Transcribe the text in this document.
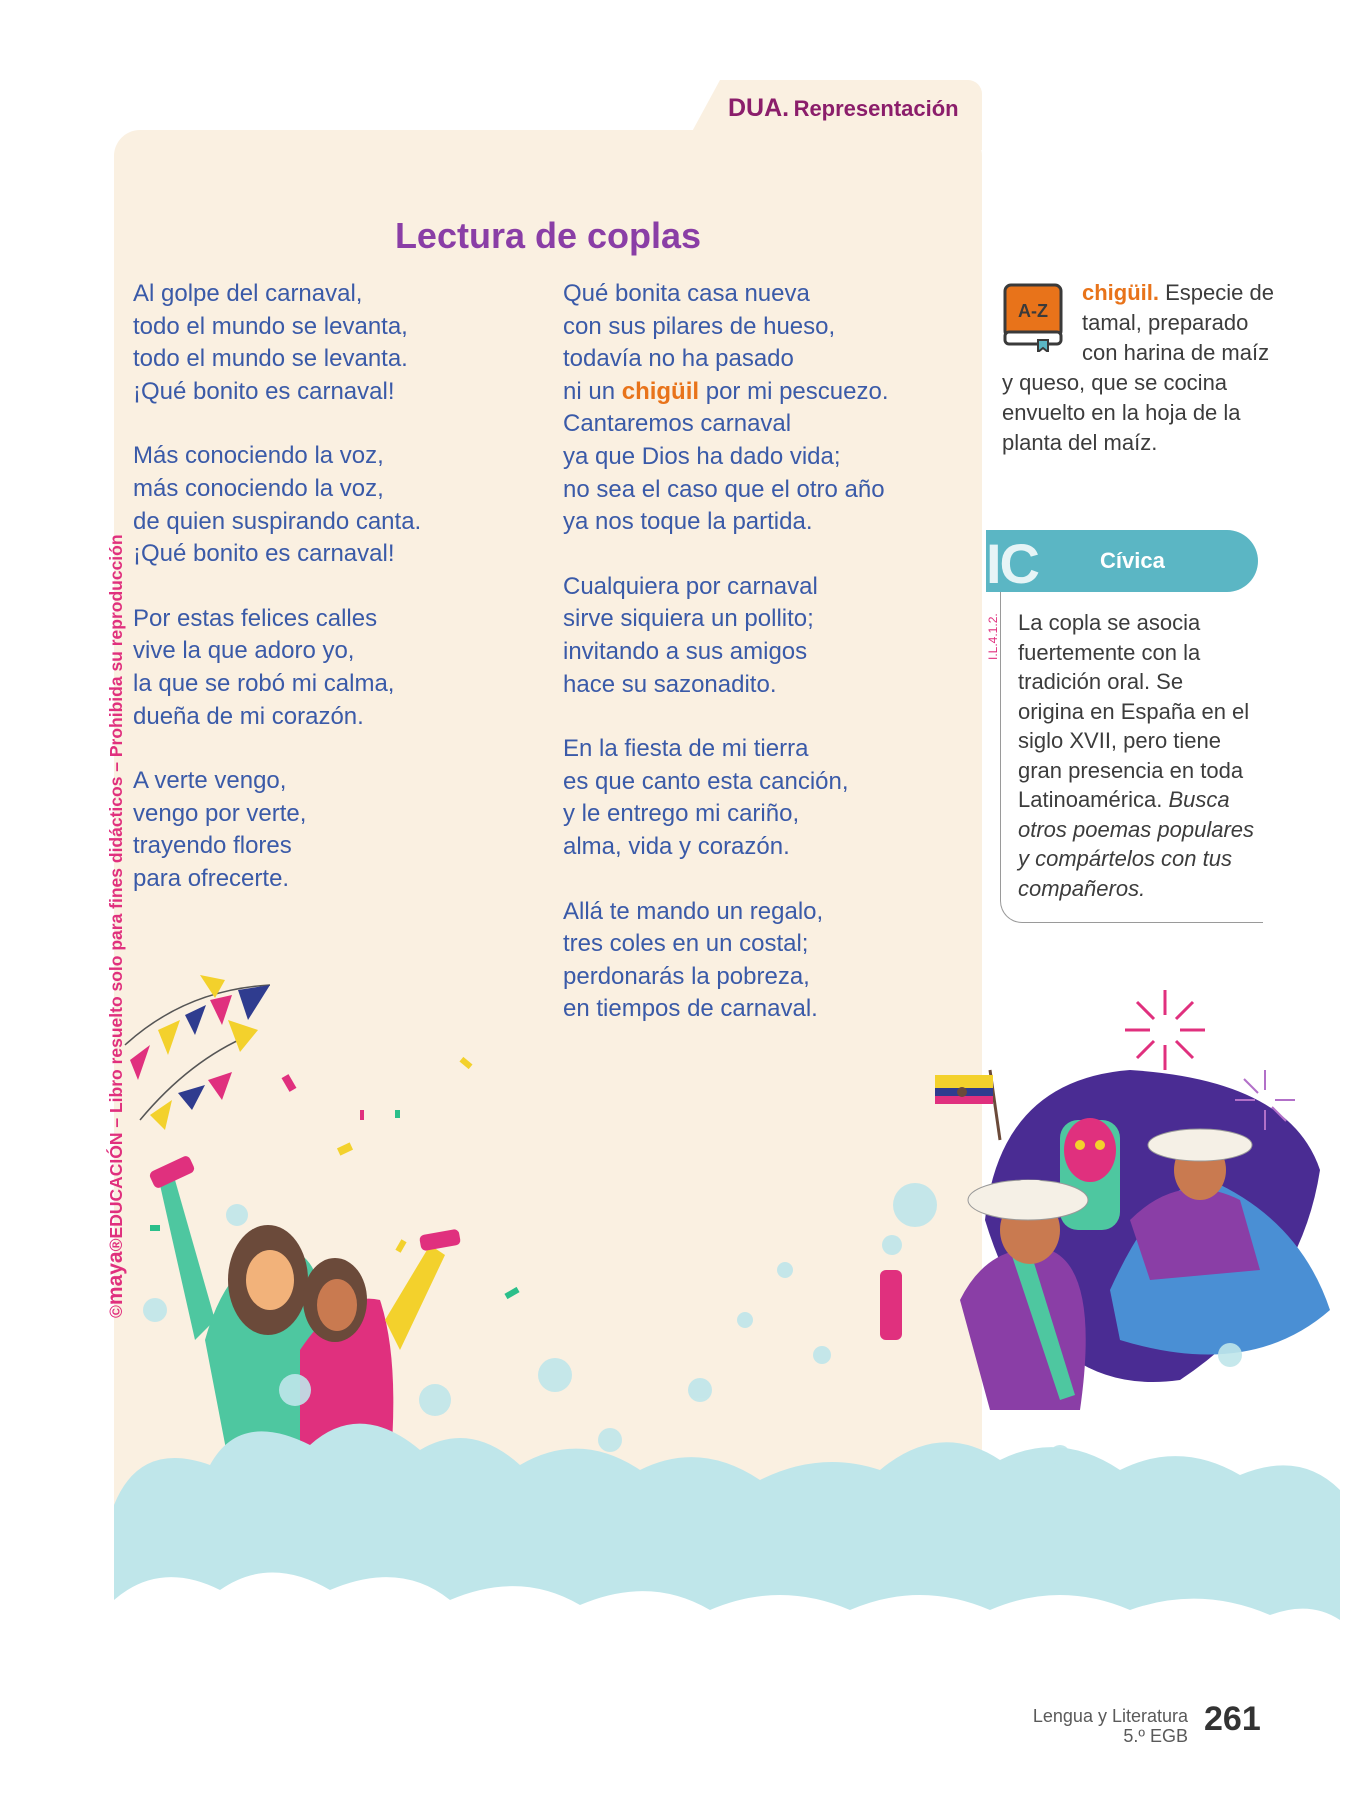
DUA. Representación
Lectura de coplas
Al golpe del carnaval,
todo el mundo se levanta,
todo el mundo se levanta.
¡Qué bonito es carnaval!
Más conociendo la voz,
más conociendo la voz,
de quien suspirando canta.
¡Qué bonito es carnaval!
Por estas felices calles
vive la que adoro yo,
la que se robó mi calma,
dueña de mi corazón.
A verte vengo,
vengo por verte,
trayendo flores
para ofrecerte.
Qué bonita casa nueva
con sus pilares de hueso,
todavía no ha pasado
ni un chigüil por mi pescuezo.
Cantaremos carnaval
ya que Dios ha dado vida;
no sea el caso que el otro año
ya nos toque la partida.
Cualquiera por carnaval
sirve siquiera un pollito;
invitando a sus amigos
hace su sazonadito.
En la fiesta de mi tierra
es que canto esta canción,
y le entrego mi cariño,
alma, vida y corazón.
Allá te mando un regalo,
tres coles en un costal;
perdonarás la pobreza,
en tiempos de carnaval.
A-Z
chigüil. Especie de
tamal, preparado
con harina de maíz
y queso, que se cocina
envuelto en la hoja de la
planta del maíz.
IC	Cívica
I.L.4.1.2. La copla se asocia
fuertemente con la
tradición oral. Se
origina en España en el
siglo XVII, pero tiene
gran presencia en toda
Latinoamérica. Busca
otros poemas populares
y compártelos con tus
compañeros.
©maya®EDUCACIÓN – Libro resuelto solo para fines didácticos – Prohibida su reproducción
Lengua y Literatura
5.º EGB 261
